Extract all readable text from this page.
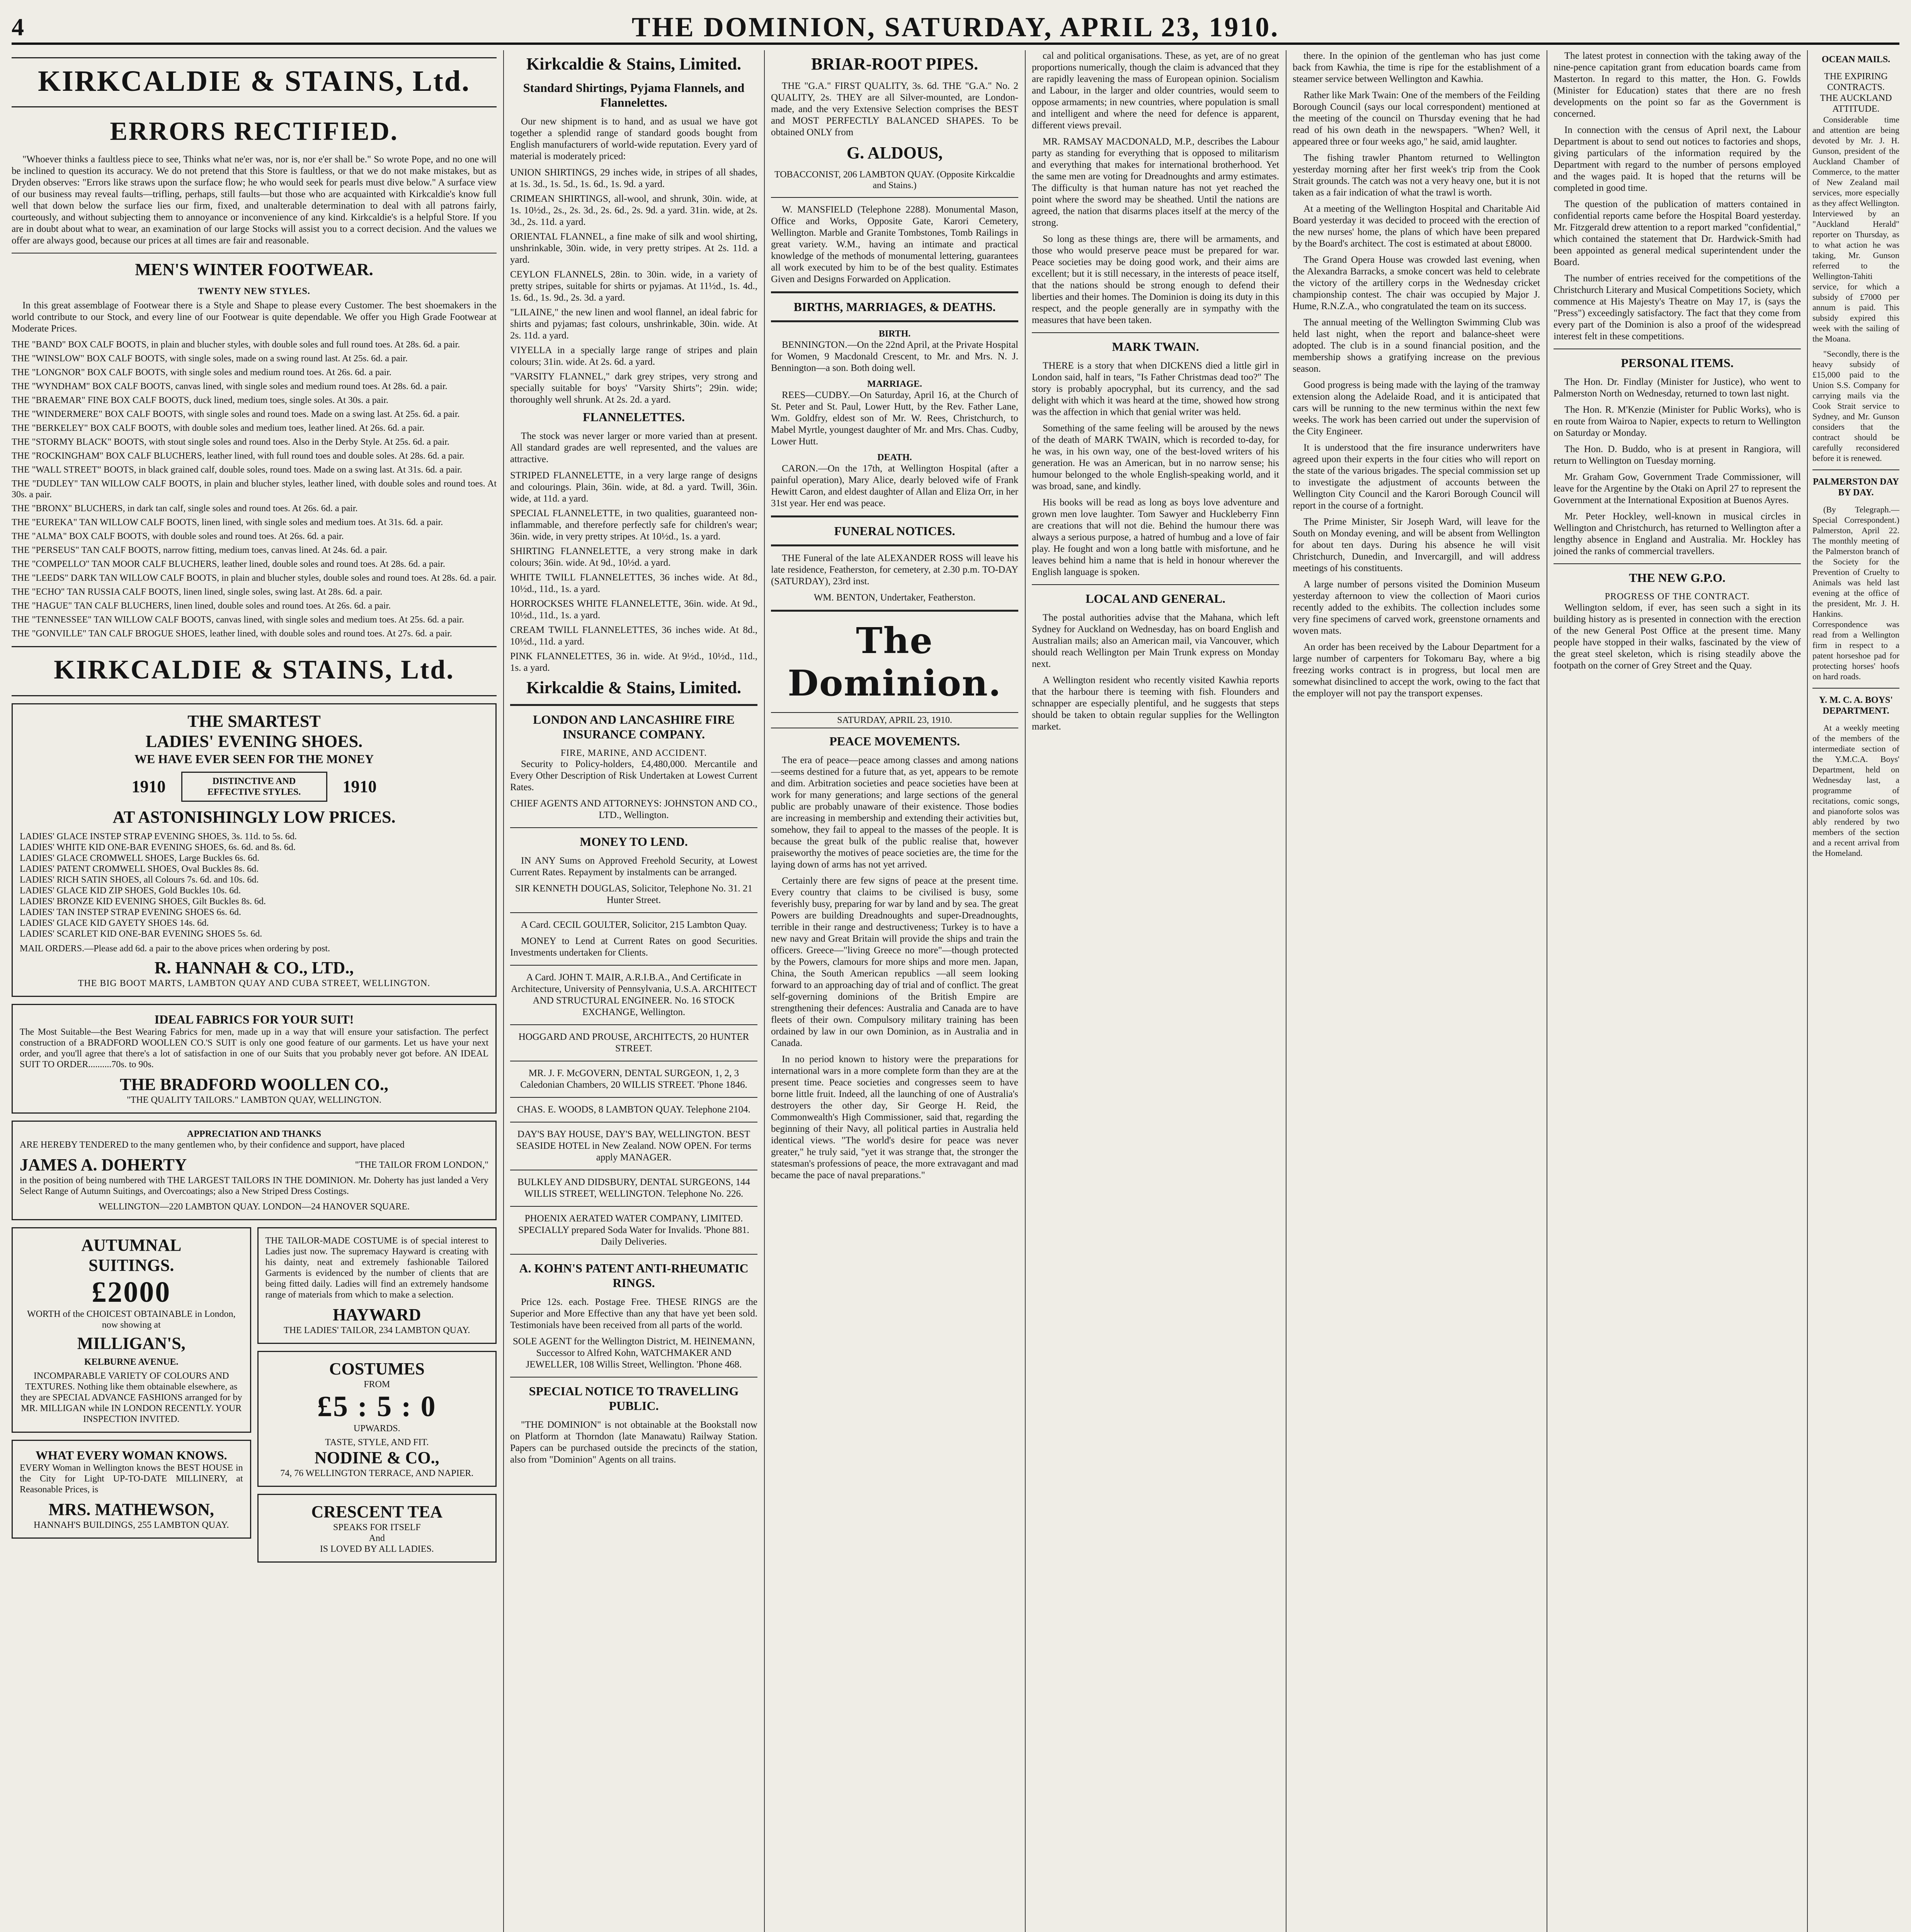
4	THE DOMINION, SATURDAY, APRIL 23, 1910.
KIRKCALDIE & STAINS, Ltd.
ERRORS RECTIFIED.

"Whoever thinks a faultless piece to see, Thinks what ne'er was, nor is, nor e'er shall be." So wrote Pope, and no one will be inclined to question its accuracy. We do not pretend that this Store is faultless, or that we do not make mistakes, but as Dryden observes: "Errors like straws upon the surface flow; he who would seek for pearls must dive below." A surface view of our business may reveal faults—trifling, perhaps, still faults—but those who are acquainted with Kirkcaldie's know full well that down below the surface lies our firm, fixed, and unalterable determination to deal with all patrons fairly, courteously, and without subjecting them to annoyance or inconvenience of any kind. Kirkcaldie's is a helpful Store. If you are in doubt about what to wear, an examination of our large Stocks will assist you to a correct decision. And the values we offer are always good, because our prices at all times are fair and reasonable.

MEN'S WINTER FOOTWEAR.
TWENTY NEW STYLES.

In this great assemblage of Footwear there is a Style and Shape to please every Customer. The best shoemakers in the world contribute to our Stock, and every line of our Footwear is quite dependable. We offer you High Grade Footwear at Moderate Prices.

THE "BAND" BOX CALF BOOTS, in plain and blucher styles, with double soles and full round toes. At 28s. 6d. a pair.

THE "WINSLOW" BOX CALF BOOTS, with single soles, made on a swing round last. At 25s. 6d. a pair.

THE "LONGNOR" BOX CALF BOOTS, with single soles and medium round toes. At 26s. 6d. a pair.

THE "WYNDHAM" BOX CALF BOOTS, canvas lined, with single soles and medium round toes. At 28s. 6d. a pair.

THE "BRAEMAR" FINE BOX CALF BOOTS, duck lined, medium toes, single soles. At 30s. a pair.

THE "WINDERMERE" BOX CALF BOOTS, with single soles and round toes. Made on a swing last. At 25s. 6d. a pair.

THE "BERKELEY" BOX CALF BOOTS, with double soles and medium toes, leather lined. At 26s. 6d. a pair.

THE "STORMY BLACK" BOOTS, with stout single soles and round toes. Also in the Derby Style. At 25s. 6d. a pair.

THE "ROCKINGHAM" BOX CALF BLUCHERS, leather lined, with full round toes and double soles. At 28s. 6d. a pair.

THE "WALL STREET" BOOTS, in black grained calf, double soles, round toes. Made on a swing last. At 31s. 6d. a pair.

THE "DUDLEY" TAN WILLOW CALF BOOTS, in plain and blucher styles, leather lined, with double soles and round toes. At 30s. a pair.

THE "BRONX" BLUCHERS, in dark tan calf, single soles and round toes. At 26s. 6d. a pair.

THE "EUREKA" TAN WILLOW CALF BOOTS, linen lined, with single soles and medium toes. At 31s. 6d. a pair.

THE "ALMA" BOX CALF BOOTS, with double soles and round toes. At 26s. 6d. a pair.

THE "PERSEUS" TAN CALF BOOTS, narrow fitting, medium toes, canvas lined. At 24s. 6d. a pair.

THE "COMPELLO" TAN MOOR CALF BLUCHERS, leather lined, double soles and round toes. At 28s. 6d. a pair.

THE "LEEDS" DARK TAN WILLOW CALF BOOTS, in plain and blucher styles, double soles and round toes. At 28s. 6d. a pair.

THE "ECHO" TAN RUSSIA CALF BOOTS, linen lined, single soles, swing last. At 28s. 6d. a pair.

THE "HAGUE" TAN CALF BLUCHERS, linen lined, double soles and round toes. At 26s. 6d. a pair.

THE "TENNESSEE" TAN WILLOW CALF BOOTS, canvas lined, with single soles and medium toes. At 25s. 6d. a pair.

THE "GONVILLE" TAN CALF BROGUE SHOES, leather lined, with double soles and round toes. At 27s. 6d. a pair.

KIRKCALDIE & STAINS, Ltd.
THE SMARTEST
LADIES' EVENING SHOES.
WE HAVE EVER SEEN FOR THE MONEY
1910	DISTINCTIVE AND EFFECTIVE STYLES.	1910
AT ASTONISHINGLY LOW PRICES.
LADIES' GLACE INSTEP STRAP EVENING SHOES, 3s. 11d. to 5s. 6d.
LADIES' WHITE KID ONE-BAR EVENING SHOES, 6s. 6d. and 8s. 6d.
LADIES' GLACE CROMWELL SHOES, Large Buckles 6s. 6d.
LADIES' PATENT CROMWELL SHOES, Oval Buckles 8s. 6d.
LADIES' RICH SATIN SHOES, all Colours 7s. 6d. and 10s. 6d.
LADIES' GLACE KID ZIP SHOES, Gold Buckles 10s. 6d.
LADIES' BRONZE KID EVENING SHOES, Gilt Buckles 8s. 6d.
LADIES' TAN INSTEP STRAP EVENING SHOES 6s. 6d.
LADIES' GLACE KID GAYETY SHOES 14s. 6d.
LADIES' SCARLET KID ONE-BAR EVENING SHOES 5s. 6d.
MAIL ORDERS.—Please add 6d. a pair to the above prices when ordering by post.
R. HANNAH & CO., LTD.,
THE BIG BOOT MARTS, LAMBTON QUAY AND CUBA STREET, WELLINGTON.
IDEAL FABRICS FOR YOUR SUIT!

The Most Suitable—the Best Wearing Fabrics for men, made up in a way that will ensure your satisfaction. The perfect construction of a BRADFORD WOOLLEN CO.'S SUIT is only one good feature of our garments. Let us have your next order, and you'll agree that there's a lot of satisfaction in one of our Suits that you probably never got before. AN IDEAL SUIT TO ORDER..........70s. to 90s.

THE BRADFORD WOOLLEN CO.,
"THE QUALITY TAILORS." LAMBTON QUAY, WELLINGTON.
APPRECIATION AND THANKS

ARE HEREBY TENDERED to the many gentlemen who, by their confidence and support, have placed

JAMES A. DOHERTY	"THE TAILOR FROM LONDON,"

in the position of being numbered with THE LARGEST TAILORS IN THE DOMINION. Mr. Doherty has just landed a Very Select Range of Autumn Suitings, and Overcoatings; also a New Striped Dress Costings.

WELLINGTON—220 LAMBTON QUAY. LONDON—24 HANOVER SQUARE.
AUTUMNAL
SUITINGS.
£2000
WORTH of the CHOICEST OBTAINABLE in London, now showing at
MILLIGAN'S,
KELBURNE AVENUE.
INCOMPARABLE VARIETY OF COLOURS AND TEXTURES. Nothing like them obtainable elsewhere, as they are SPECIAL ADVANCE FASHIONS arranged for by MR. MILLIGAN while IN LONDON RECENTLY. YOUR INSPECTION INVITED.
WHAT EVERY WOMAN KNOWS.

EVERY Woman in Wellington knows the BEST HOUSE in the City for Light UP-TO-DATE MILLINERY, at Reasonable Prices, is

MRS. MATHEWSON,
HANNAH'S BUILDINGS, 255 LAMBTON QUAY.

THE TAILOR-MADE COSTUME is of special interest to Ladies just now. The supremacy Hayward is creating with his dainty, neat and extremely fashionable Tailored Garments is evidenced by the number of clients that are being fitted daily. Ladies will find an extremely handsome range of materials from which to make a selection.

HAYWARD
THE LADIES' TAILOR, 234 LAMBTON QUAY.
COSTUMES
FROM
£5 : 5 : 0
UPWARDS.
TASTE, STYLE, AND FIT.
NODINE & CO.,
74, 76 WELLINGTON TERRACE, AND NAPIER.
CRESCENT TEA
SPEAKS FOR ITSELF
And
IS LOVED BY ALL LADIES.
Kirkcaldie & Stains, Limited.
Standard Shirtings, Pyjama Flannels, and Flannelettes.

Our new shipment is to hand, and as usual we have got together a splendid range of standard goods bought from English manufacturers of world-wide reputation. Every yard of material is moderately priced:

UNION SHIRTINGS, 29 inches wide, in stripes of all shades, at 1s. 3d., 1s. 5d., 1s. 6d., 1s. 9d. a yard.

CRIMEAN SHIRTINGS, all-wool, and shrunk, 30in. wide, at 1s. 10½d., 2s., 2s. 3d., 2s. 6d., 2s. 9d. a yard. 31in. wide, at 2s. 3d., 2s. 11d. a yard.

ORIENTAL FLANNEL, a fine make of silk and wool shirting, unshrinkable, 30in. wide, in very pretty stripes. At 2s. 11d. a yard.

CEYLON FLANNELS, 28in. to 30in. wide, in a variety of pretty stripes, suitable for shirts or pyjamas. At 11½d., 1s. 4d., 1s. 6d., 1s. 9d., 2s. 3d. a yard.

"LILAINE," the new linen and wool flannel, an ideal fabric for shirts and pyjamas; fast colours, unshrinkable, 30in. wide. At 2s. 11d. a yard.

VIYELLA in a specially large range of stripes and plain colours; 31in. wide. At 2s. 6d. a yard.

"VARSITY FLANNEL," dark grey stripes, very strong and specially suitable for boys' "Varsity Shirts"; 29in. wide; thoroughly well shrunk. At 2s. 2d. a yard.

FLANNELETTES.

The stock was never larger or more varied than at present. All standard grades are well represented, and the values are attractive.

STRIPED FLANNELETTE, in a very large range of designs and colourings. Plain, 36in. wide, at 8d. a yard. Twill, 36in. wide, at 11d. a yard.

SPECIAL FLANNELETTE, in two qualities, guaranteed non-inflammable, and therefore perfectly safe for children's wear; 36in. wide, in very pretty stripes. At 10½d., 1s. a yard.

SHIRTING FLANNELETTE, a very strong make in dark colours; 36in. wide. At 9d., 10½d. a yard.

WHITE TWILL FLANNELETTES, 36 inches wide. At 8d., 10½d., 11d., 1s. a yard.

HORROCKSES WHITE FLANNELETTE, 36in. wide. At 9d., 10½d., 11d., 1s. a yard.

CREAM TWILL FLANNELETTES, 36 inches wide. At 8d., 10½d., 11d. a yard.

PINK FLANNELETTES, 36 in. wide. At 9½d., 10½d., 11d., 1s. a yard.

Kirkcaldie & Stains, Limited.
LONDON AND LANCASHIRE FIRE INSURANCE COMPANY.
FIRE, MARINE, AND ACCIDENT.

Security to Policy-holders, £4,480,000. Mercantile and Every Other Description of Risk Undertaken at Lowest Current Rates.

CHIEF AGENTS AND ATTORNEYS: JOHNSTON AND CO., LTD., Wellington.

MONEY TO LEND.

IN ANY Sums on Approved Freehold Security, at Lowest Current Rates. Repayment by instalments can be arranged.

SIR KENNETH DOUGLAS, Solicitor, Telephone No. 31. 21 Hunter Street.

A Card. CECIL GOULTER, Solicitor, 215 Lambton Quay.

MONEY to Lend at Current Rates on good Securities. Investments undertaken for Clients.

A Card. JOHN T. MAIR, A.R.I.B.A., And Certificate in Architecture, University of Pennsylvania, U.S.A. ARCHITECT AND STRUCTURAL ENGINEER. No. 16 STOCK EXCHANGE, Wellington.

HOGGARD AND PROUSE, ARCHITECTS, 20 HUNTER STREET.

MR. J. F. McGOVERN, DENTAL SURGEON, 1, 2, 3 Caledonian Chambers, 20 WILLIS STREET. 'Phone 1846.

CHAS. E. WOODS, 8 LAMBTON QUAY. Telephone 2104.

DAY'S BAY HOUSE, DAY'S BAY, WELLINGTON. BEST SEASIDE HOTEL in New Zealand. NOW OPEN. For terms apply MANAGER.

BULKLEY AND DIDSBURY, DENTAL SURGEONS, 144 WILLIS STREET, WELLINGTON. Telephone No. 226.

PHOENIX AERATED WATER COMPANY, LIMITED. SPECIALLY prepared Soda Water for Invalids. 'Phone 881. Daily Deliveries.

A. KOHN'S PATENT ANTI-RHEUMATIC RINGS.

Price 12s. each. Postage Free. THESE RINGS are the Superior and More Effective than any that have yet been sold. Testimonials have been received from all parts of the world.

SOLE AGENT for the Wellington District, M. HEINEMANN, Successor to Alfred Kohn, WATCHMAKER AND JEWELLER, 108 Willis Street, Wellington. 'Phone 468.

SPECIAL NOTICE TO TRAVELLING PUBLIC.

"THE DOMINION" is not obtainable at the Bookstall now on Platform at Thorndon (late Manawatu) Railway Station. Papers can be purchased outside the precincts of the station, also from "Dominion" Agents on all trains.

BRIAR-ROOT PIPES.

THE "G.A." FIRST QUALITY, 3s. 6d. THE "G.A." No. 2 QUALITY, 2s. THEY are all Silver-mounted, are London-made, and the very Extensive Selection comprises the BEST and MOST PERFECTLY BALANCED SHAPES. To be obtained ONLY from

G. ALDOUS,
TOBACCONIST, 206 LAMBTON QUAY. (Opposite Kirkcaldie and Stains.)

W. MANSFIELD (Telephone 2288). Monumental Mason, Office and Works, Opposite Gate, Karori Cemetery, Wellington. Marble and Granite Tombstones, Tomb Railings in great variety. W.M., having an intimate and practical knowledge of the methods of monumental lettering, guarantees all work executed by him to be of the best quality. Estimates Given and Designs Forwarded on Application.

BIRTHS, MARRIAGES, & DEATHS.
BIRTH.

BENNINGTON.—On the 22nd April, at the Private Hospital for Women, 9 Macdonald Crescent, to Mr. and Mrs. N. J. Bennington—a son. Both doing well.

MARRIAGE.

REES—CUDBY.—On Saturday, April 16, at the Church of St. Peter and St. Paul, Lower Hutt, by the Rev. Father Lane, Wm. Goldfry, eldest son of Mr. W. Rees, Christchurch, to Mabel Myrtle, youngest daughter of Mr. and Mrs. Chas. Cudby, Lower Hutt.

DEATH.

CARON.—On the 17th, at Wellington Hospital (after a painful operation), Mary Alice, dearly beloved wife of Frank Hewitt Caron, and eldest daughter of Allan and Eliza Orr, in her 31st year. Her end was peace.

FUNERAL NOTICES.

THE Funeral of the late ALEXANDER ROSS will leave his late residence, Featherston, for cemetery, at 2.30 p.m. TO-DAY (SATURDAY), 23rd inst.

WM. BENTON, Undertaker, Featherston.

The Dominion.
SATURDAY, APRIL 23, 1910.
PEACE MOVEMENTS.

The era of peace—peace among classes and among nations—seems destined for a future that, as yet, appears to be remote and dim. Arbitration societies and peace societies have been at work for many generations; and large sections of the general public are probably unaware of their existence. Those bodies are increasing in membership and extending their activities but, somehow, they fail to appeal to the masses of the people. It is because the great bulk of the public realise that, however praiseworthy the motives of peace societies are, the time for the laying down of arms has not yet arrived.

Certainly there are few signs of peace at the present time. Every country that claims to be civilised is busy, some feverishly busy, preparing for war by land and by sea. The great Powers are building Dreadnoughts and super-Dreadnoughts, terrible in their range and destructiveness; Turkey is to have a new navy and Great Britain will provide the ships and train the officers. Greece—"living Greece no more"—though protected by the Powers, clamours for more ships and more men. Japan, China, the South American republics —all seem looking forward to an approaching day of trial and of conflict. The great self-governing dominions of the British Empire are strengthening their defences: Australia and Canada are to have fleets of their own. Compulsory military training has been ordained by law in our own Dominion, as in Australia and in Canada.

In no period known to history were the preparations for international wars in a more complete form than they are at the present time. Peace societies and congresses seem to have borne little fruit. Indeed, all the launching of one of Australia's destroyers the other day, Sir George H. Reid, the Commonwealth's High Commissioner, said that, regarding the beginning of their Navy, all political parties in Australia held identical views. "The world's desire for peace was never greater," he truly said, "yet it was strange that, the stronger the statesman's professions of peace, the more extravagant and mad became the pace of naval preparations."

cal and political organisations. These, as yet, are of no great proportions numerically, though the claim is advanced that they are rapidly leavening the mass of European opinion. Socialism and Labour, in the larger and older countries, would seem to oppose armaments; in new countries, where population is small and intelligent and where the need for defence is apparent, different views prevail.

MR. RAMSAY MACDONALD, M.P., describes the Labour party as standing for everything that is opposed to militarism and everything that makes for international brotherhood. Yet the same men are voting for Dreadnoughts and army estimates. The difficulty is that human nature has not yet reached the point where the sword may be sheathed. Until the nations are agreed, the nation that disarms places itself at the mercy of the strong.

So long as these things are, there will be armaments, and those who would preserve peace must be prepared for war. Peace societies may be doing good work, and their aims are excellent; but it is still necessary, in the interests of peace itself, that the nations should be strong enough to defend their liberties and their homes. The Dominion is doing its duty in this respect, and the people generally are in sympathy with the measures that have been taken.

MARK TWAIN.

THERE is a story that when DICKENS died a little girl in London said, half in tears, "Is Father Christmas dead too?" The story is probably apocryphal, but its currency, and the sad delight with which it was heard at the time, showed how strong was the affection in which that genial writer was held.

Something of the same feeling will be aroused by the news of the death of MARK TWAIN, which is recorded to-day, for he was, in his own way, one of the best-loved writers of his generation. He was an American, but in no narrow sense; his humour belonged to the whole English-speaking world, and it was broad, sane, and kindly.

His books will be read as long as boys love adventure and grown men love laughter. Tom Sawyer and Huckleberry Finn are creations that will not die. Behind the humour there was always a serious purpose, a hatred of humbug and a love of fair play. He fought and won a long battle with misfortune, and he leaves behind him a name that is held in honour wherever the English language is spoken.

LOCAL AND GENERAL.

The postal authorities advise that the Mahana, which left Sydney for Auckland on Wednesday, has on board English and Australian mails; also an American mail, via Vancouver, which should reach Wellington per Main Trunk express on Monday next.

A Wellington resident who recently visited Kawhia reports that the harbour there is teeming with fish. Flounders and schnapper are especially plentiful, and he suggests that steps should be taken to obtain regular supplies for the Wellington market.

there. In the opinion of the gentleman who has just come back from Kawhia, the time is ripe for the establishment of a steamer service between Wellington and Kawhia.

Rather like Mark Twain: One of the members of the Feilding Borough Council (says our local correspondent) mentioned at the meeting of the council on Thursday evening that he had read of his own death in the newspapers. "When? Well, it appeared three or four weeks ago," he said, amid laughter.

The fishing trawler Phantom returned to Wellington yesterday morning after her first week's trip from the Cook Strait grounds. The catch was not a very heavy one, but it is not taken as a fair indication of what the trawl is worth.

At a meeting of the Wellington Hospital and Charitable Aid Board yesterday it was decided to proceed with the erection of the new nurses' home, the plans of which have been prepared by the Board's architect. The cost is estimated at about £8000.

The Grand Opera House was crowded last evening, when the Alexandra Barracks, a smoke concert was held to celebrate the victory of the artillery corps in the Wednesday cricket championship contest. The chair was occupied by Major J. Hume, R.N.Z.A., who congratulated the team on its success.

The annual meeting of the Wellington Swimming Club was held last night, when the report and balance-sheet were adopted. The club is in a sound financial position, and the membership shows a gratifying increase on the previous season.

Good progress is being made with the laying of the tramway extension along the Adelaide Road, and it is anticipated that cars will be running to the new terminus within the next few weeks. The work has been carried out under the supervision of the City Engineer.

It is understood that the fire insurance underwriters have agreed upon their experts in the four cities who will report on the state of the various brigades. The special commission set up to investigate the adjustment of accounts between the Wellington City Council and the Karori Borough Council will report in the course of a fortnight.

The Prime Minister, Sir Joseph Ward, will leave for the South on Monday evening, and will be absent from Wellington for about ten days. During his absence he will visit Christchurch, Dunedin, and Invercargill, and will address meetings of his constituents.

A large number of persons visited the Dominion Museum yesterday afternoon to view the collection of Maori curios recently added to the exhibits. The collection includes some very fine specimens of carved work, greenstone ornaments and woven mats.

An order has been received by the Labour Department for a large number of carpenters for Tokomaru Bay, where a big freezing works contract is in progress, but local men are somewhat disinclined to accept the work, owing to the fact that the employer will not pay the transport expenses.

The latest protest in connection with the taking away of the nine-pence capitation grant from education boards came from Masterton. In regard to this matter, the Hon. G. Fowlds (Minister for Education) states that there are no fresh developments on the point so far as the Government is concerned.

In connection with the census of April next, the Labour Department is about to send out notices to factories and shops, giving particulars of the information required by the Department with regard to the number of persons employed and the wages paid. It is hoped that the returns will be completed in good time.

The question of the publication of matters contained in confidential reports came before the Hospital Board yesterday. Mr. Fitzgerald drew attention to a report marked "confidential," which contained the statement that Dr. Hardwick-Smith had been appointed as general medical superintendent under the Board.

The number of entries received for the competitions of the Christchurch Literary and Musical Competitions Society, which commence at His Majesty's Theatre on May 17, is (says the "Press") exceedingly satisfactory. The fact that they come from every part of the Dominion is also a proof of the widespread interest felt in these competitions.

PERSONAL ITEMS.

The Hon. Dr. Findlay (Minister for Justice), who went to Palmerston North on Wednesday, returned to town last night.

The Hon. R. M'Kenzie (Minister for Public Works), who is en route from Wairoa to Napier, expects to return to Wellington on Saturday or Monday.

The Hon. D. Buddo, who is at present in Rangiora, will return to Wellington on Tuesday morning.

Mr. Graham Gow, Government Trade Commissioner, will leave for the Argentine by the Otaki on April 27 to represent the Government at the International Exposition at Buenos Ayres.

Mr. Peter Hockley, well-known in musical circles in Wellington and Christchurch, has returned to Wellington after a lengthy absence in England and Australia. Mr. Hockley has joined the ranks of commercial travellers.

THE NEW G.P.O.
PROGRESS OF THE CONTRACT.

Wellington seldom, if ever, has seen such a sight in its building history as is presented in connection with the erection of the new General Post Office at the present time. Many people have stopped in their walks, fascinated by the view of the great steel skeleton, which is rising steadily above the footpath on the corner of Grey Street and the Quay.

OCEAN MAILS.
THE EXPIRING CONTRACTS.
THE AUCKLAND ATTITUDE.

Considerable time and attention are being devoted by Mr. J. H. Gunson, president of the Auckland Chamber of Commerce, to the matter of New Zealand mail services, more especially as they affect Wellington. Interviewed by an "Auckland Herald" reporter on Thursday, as to what action he was taking, Mr. Gunson referred to the Wellington-Tahiti service, for which a subsidy of £7000 per annum is paid. This subsidy expired this week with the sailing of the Moana.

"Secondly, there is the heavy subsidy of £15,000 paid to the Union S.S. Company for carrying mails via the Cook Strait service to Sydney, and Mr. Gunson considers that the contract should be carefully reconsidered before it is renewed.

PALMERSTON DAY BY DAY.

(By Telegraph.—Special Correspondent.) Palmerston, April 22. The monthly meeting of the Palmerston branch of the Society for the Prevention of Cruelty to Animals was held last evening at the office of the president, Mr. J. H. Hankins. Correspondence was read from a Wellington firm in respect to a patent horseshoe pad for protecting horses' hoofs on hard roads.

Y. M. C. A. BOYS' DEPARTMENT.

At a weekly meeting of the members of the intermediate section of the Y.M.C.A. Boys' Department, held on Wednesday last, a programme of recitations, comic songs, and pianoforte solos was ably rendered by two members of the section and a recent arrival from the Homeland.
